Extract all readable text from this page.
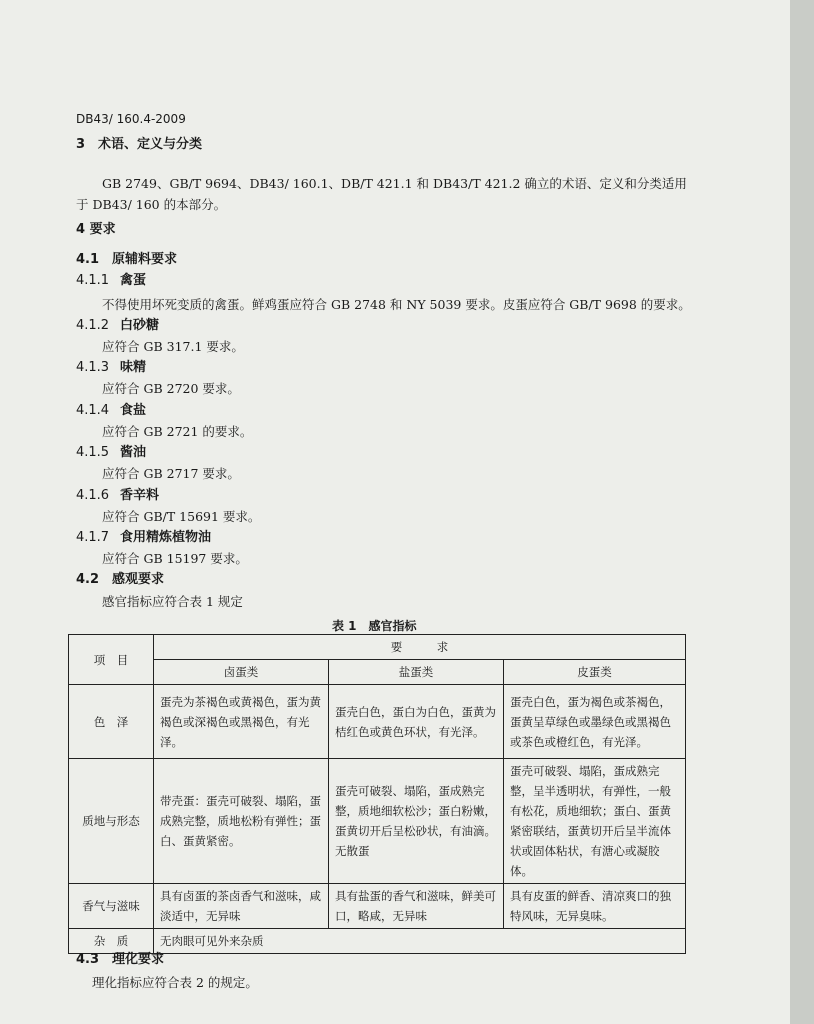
DB43/ 160.4-2009
3　术语、定义与分类
GB 2749、GB/T 9694、DB43/ 160.1、DB/T 421.1 和 DB43/T 421.2 确立的术语、定义和分类适用于 DB43/ 160 的本部分。
4 要求
4.1　原辅料要求
4.1.1 禽蛋
不得使用坏死变质的禽蛋。鲜鸡蛋应符合 GB 2748 和 NY 5039 要求。皮蛋应符合 GB/T 9698 的要求。
4.1.2 白砂糖
应符合 GB 317.1 要求。
4.1.3 味精
应符合 GB 2720 要求。
4.1.4 食盐
应符合 GB 2721 的要求。
4.1.5 酱油
应符合 GB 2717 要求。
4.1.6 香辛料
应符合 GB/T 15691 要求。
4.1.7 食用精炼植物油
应符合 GB 15197 要求。
4.2　感观要求
感官指标应符合表 1 规定
表 1　感官指标
项　目	要　　　求		
	卤蛋类	盐蛋类	皮蛋类
色　泽	蛋壳为茶褐色或黄褐色，蛋为黄褐色或深褐色或黑褐色，有光泽。	蛋壳白色，蛋白为白色，蛋黄为桔红色或黄色环状，有光泽。	蛋壳白色，蛋为褐色或茶褐色，蛋黄呈草绿色或墨绿色或黑褐色或茶色或橙红色，有光泽。
质地与形态	带壳蛋：蛋壳可破裂、塌陷，蛋成熟完整，质地松粉有弹性；蛋白、蛋黄紧密。	蛋壳可破裂、塌陷，蛋成熟完整，质地细软松沙；蛋白粉嫩，蛋黄切开后呈松砂状，有油滴。无散蛋	蛋壳可破裂、塌陷，蛋成熟完整，呈半透明状，有弹性，一般有松花，质地细软；蛋白、蛋黄紧密联结，蛋黄切开后呈半流体状或固体粘状，有溏心或凝胶体。
香气与滋味	具有卤蛋的茶卤香气和滋味，咸淡适中，无异味	具有盐蛋的香气和滋味，鲜美可口，略咸，无异味	具有皮蛋的鲜香、清凉爽口的独特风味，无异臭味。
杂　质	无肉眼可见外来杂质		
4.3　理化要求
理化指标应符合表 2 的规定。
